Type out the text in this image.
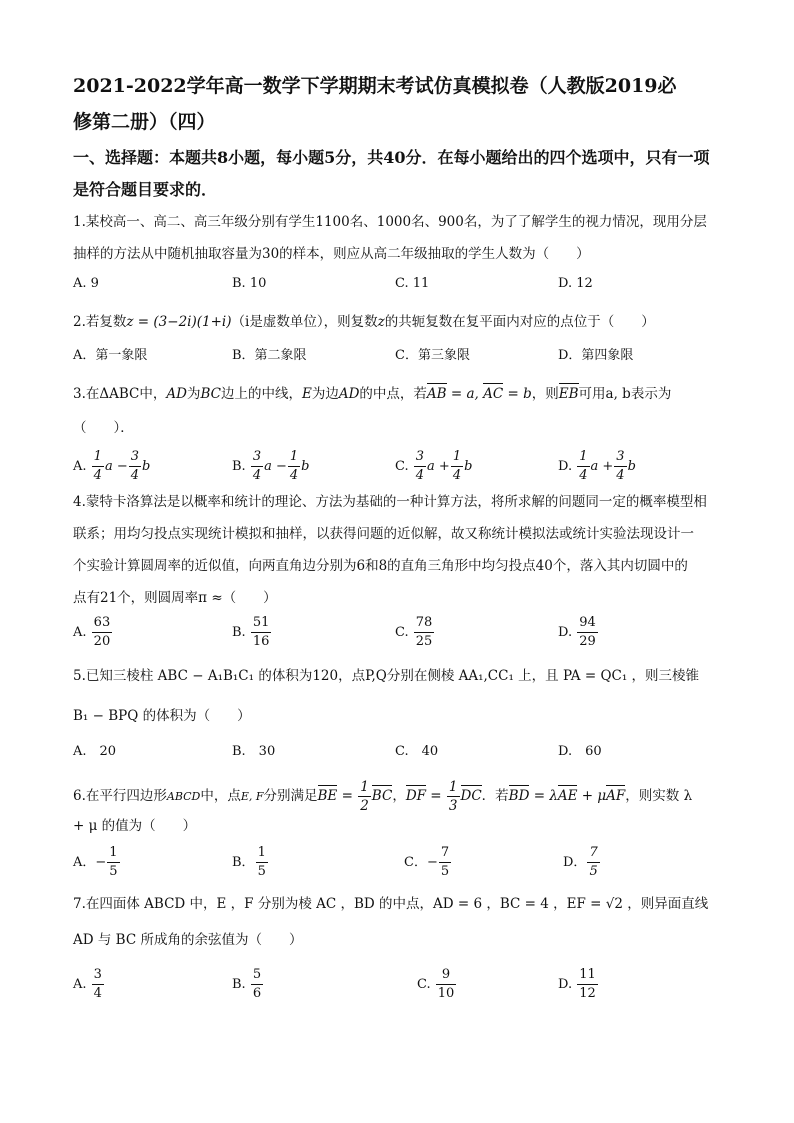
2021-2022学年高一数学下学期期末考试仿真模拟卷（人教版2019必
修第二册）（四）
一、选择题：本题共8小题，每小题5分，共40分．在每小题给出的四个选项中，只有一项
是符合题目要求的．
1.某校高一、高二、高三年级分别有学生1100名、1000名、900名，为了了解学生的视力情况，现用分层
抽样的方法从中随机抽取容量为30的样本，则应从高二年级抽取的学生人数为（　　）
A. 9	B. 10	C. 11	D. 12
2.若复数z = (3−2i)(1+i)（i是虚数单位），则复数z的共轭复数在复平面内对应的点位于（　　）
A．第一象限	B．第二象限	C．第三象限	D．第四象限
3.在ΔABC中，AD为BC边上的中线，E为边AD的中点，若AB = a, AC = b，则EB可用a, b表示为
（　　）．
A. $\frac{1}{4}$ $a - \frac{3}{4}$ b	B. $\frac{3}{4}$ $a - \frac{1}{4}$ b	C. $\frac{3}{4}$ $a + \frac{1}{4}$ b	D. $\frac{1}{4}$ $a + \frac{3}{4}$ b
4.蒙特卡洛算法是以概率和统计的理论、方法为基础的一种计算方法，将所求解的问题同一定的概率模型相
联系；用均匀投点实现统计模拟和抽样，以获得问题的近似解，故又称统计模拟法或统计实验法现设计一
个实验计算圆周率的近似值，向两直角边分别为6和8的直角三角形中均匀投点40个，落入其内切圆中的
点有21个，则圆周率π ≈（　　）
A. $\frac{63}{20}$	B. $\frac{51}{16}$	C. $\frac{78}{25}$	D. $\frac{94}{29}$
5.已知三棱柱 ABC − A₁B₁C₁ 的体积为120，点P,Q分别在侧棱 AA₁,CC₁ 上，且 PA = QC₁ ，则三棱锥
B₁ − BPQ 的体积为（　　）
A.　20	B.　30	C.　40	D.　60
6.在平行四边形ABCD中，点E, F分别满足BE = $\frac{1}{2}$ BC，DF = $\frac{1}{3}$ DC．若BD = λAE + μAF，则实数 λ
+ μ 的值为（　　）
A．− $\frac{1}{5}$	B． $\frac{1}{5}$	C．− $\frac{7}{5}$	D． $\frac{7}{5}$
7.在四面体 ABCD 中，E ，F 分别为棱 AC ，BD 的中点，AD = 6 ，BC = 4 ，EF = √2 ，则异面直线
AD 与 BC 所成角的余弦值为（　　）
A. $\frac{3}{4}$	B. $\frac{5}{6}$	C. $\frac{9}{10}$	D. $\frac{11}{12}$
